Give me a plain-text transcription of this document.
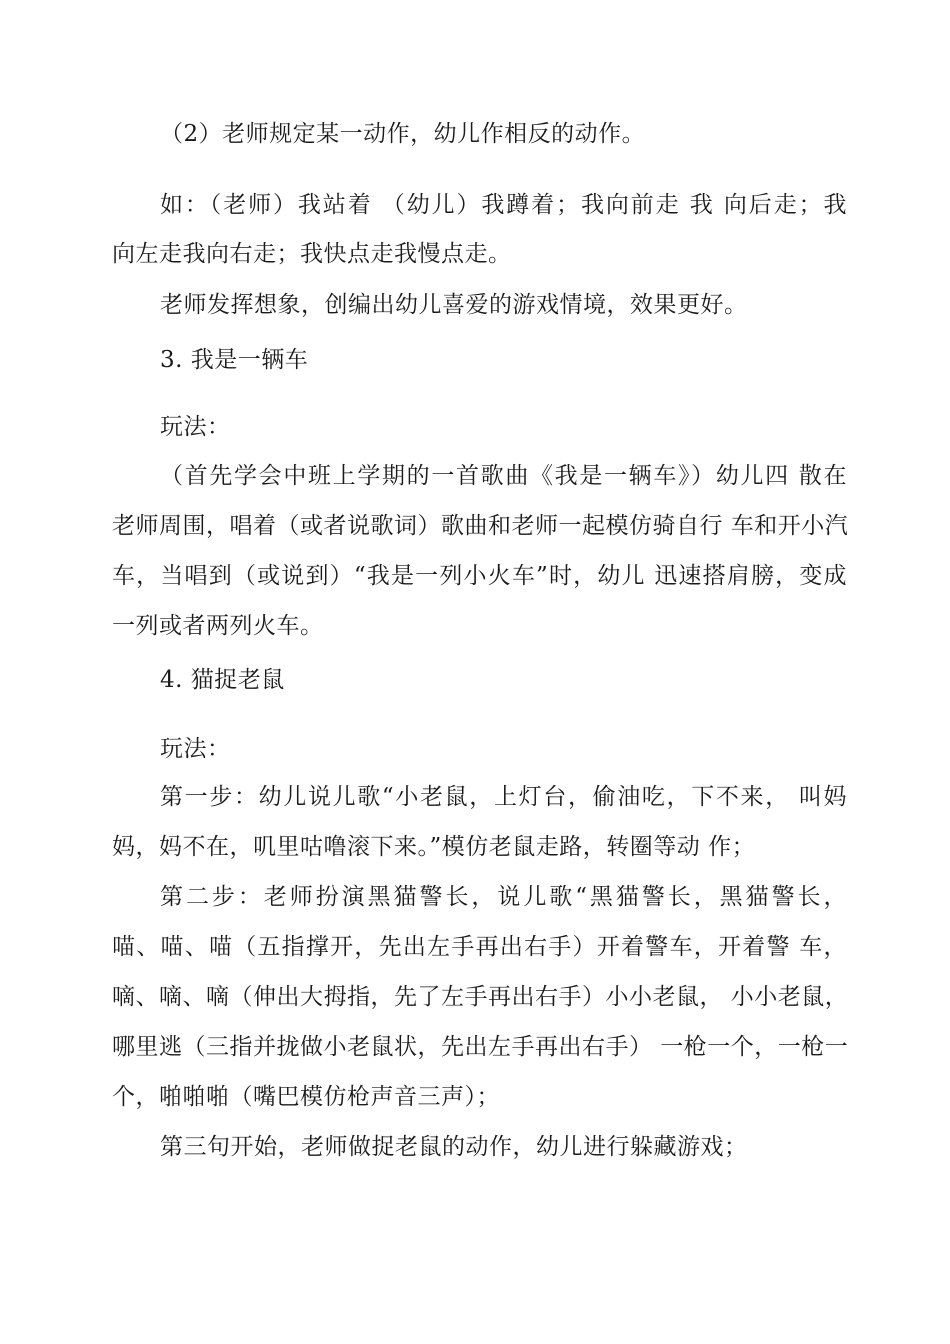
（2）老师规定某一动作，幼儿作相反的动作。
如：（老师）我站着 （幼儿）我蹲着；我向前走 我 向后走；我
向左走我向右走；我快点走我慢点走。
老师发挥想象，创编出幼儿喜爱的游戏情境，效果更好。
3. 我是一辆车
玩法：
（首先学会中班上学期的一首歌曲《我是一辆车》）幼儿四 散在
老师周围，唱着（或者说歌词）歌曲和老师一起模仿骑自行 车和开小汽
车，当唱到（或说到）“我是一列小火车”时，幼儿 迅速搭肩膀，变成
一列或者两列火车。
4. 猫捉老鼠
玩法：
第一步：幼儿说儿歌“小老鼠，上灯台，偷油吃，下不来， 叫妈
妈，妈不在，叽里咕噜滚下来。”模仿老鼠走路，转圈等动 作；
第二步：老师扮演黑猫警长，说儿歌“黑猫警长，黑猫警长，
喵、喵、喵（五指撑开，先出左手再出右手）开着警车，开着警 车，
嘀、嘀、嘀（伸出大拇指，先了左手再出右手）小小老鼠， 小小老鼠，
哪里逃（三指并拢做小老鼠状，先出左手再出右手） 一枪一个，一枪一
个，啪啪啪（嘴巴模仿枪声音三声）；
第三句开始，老师做捉老鼠的动作，幼儿进行躲藏游戏；
